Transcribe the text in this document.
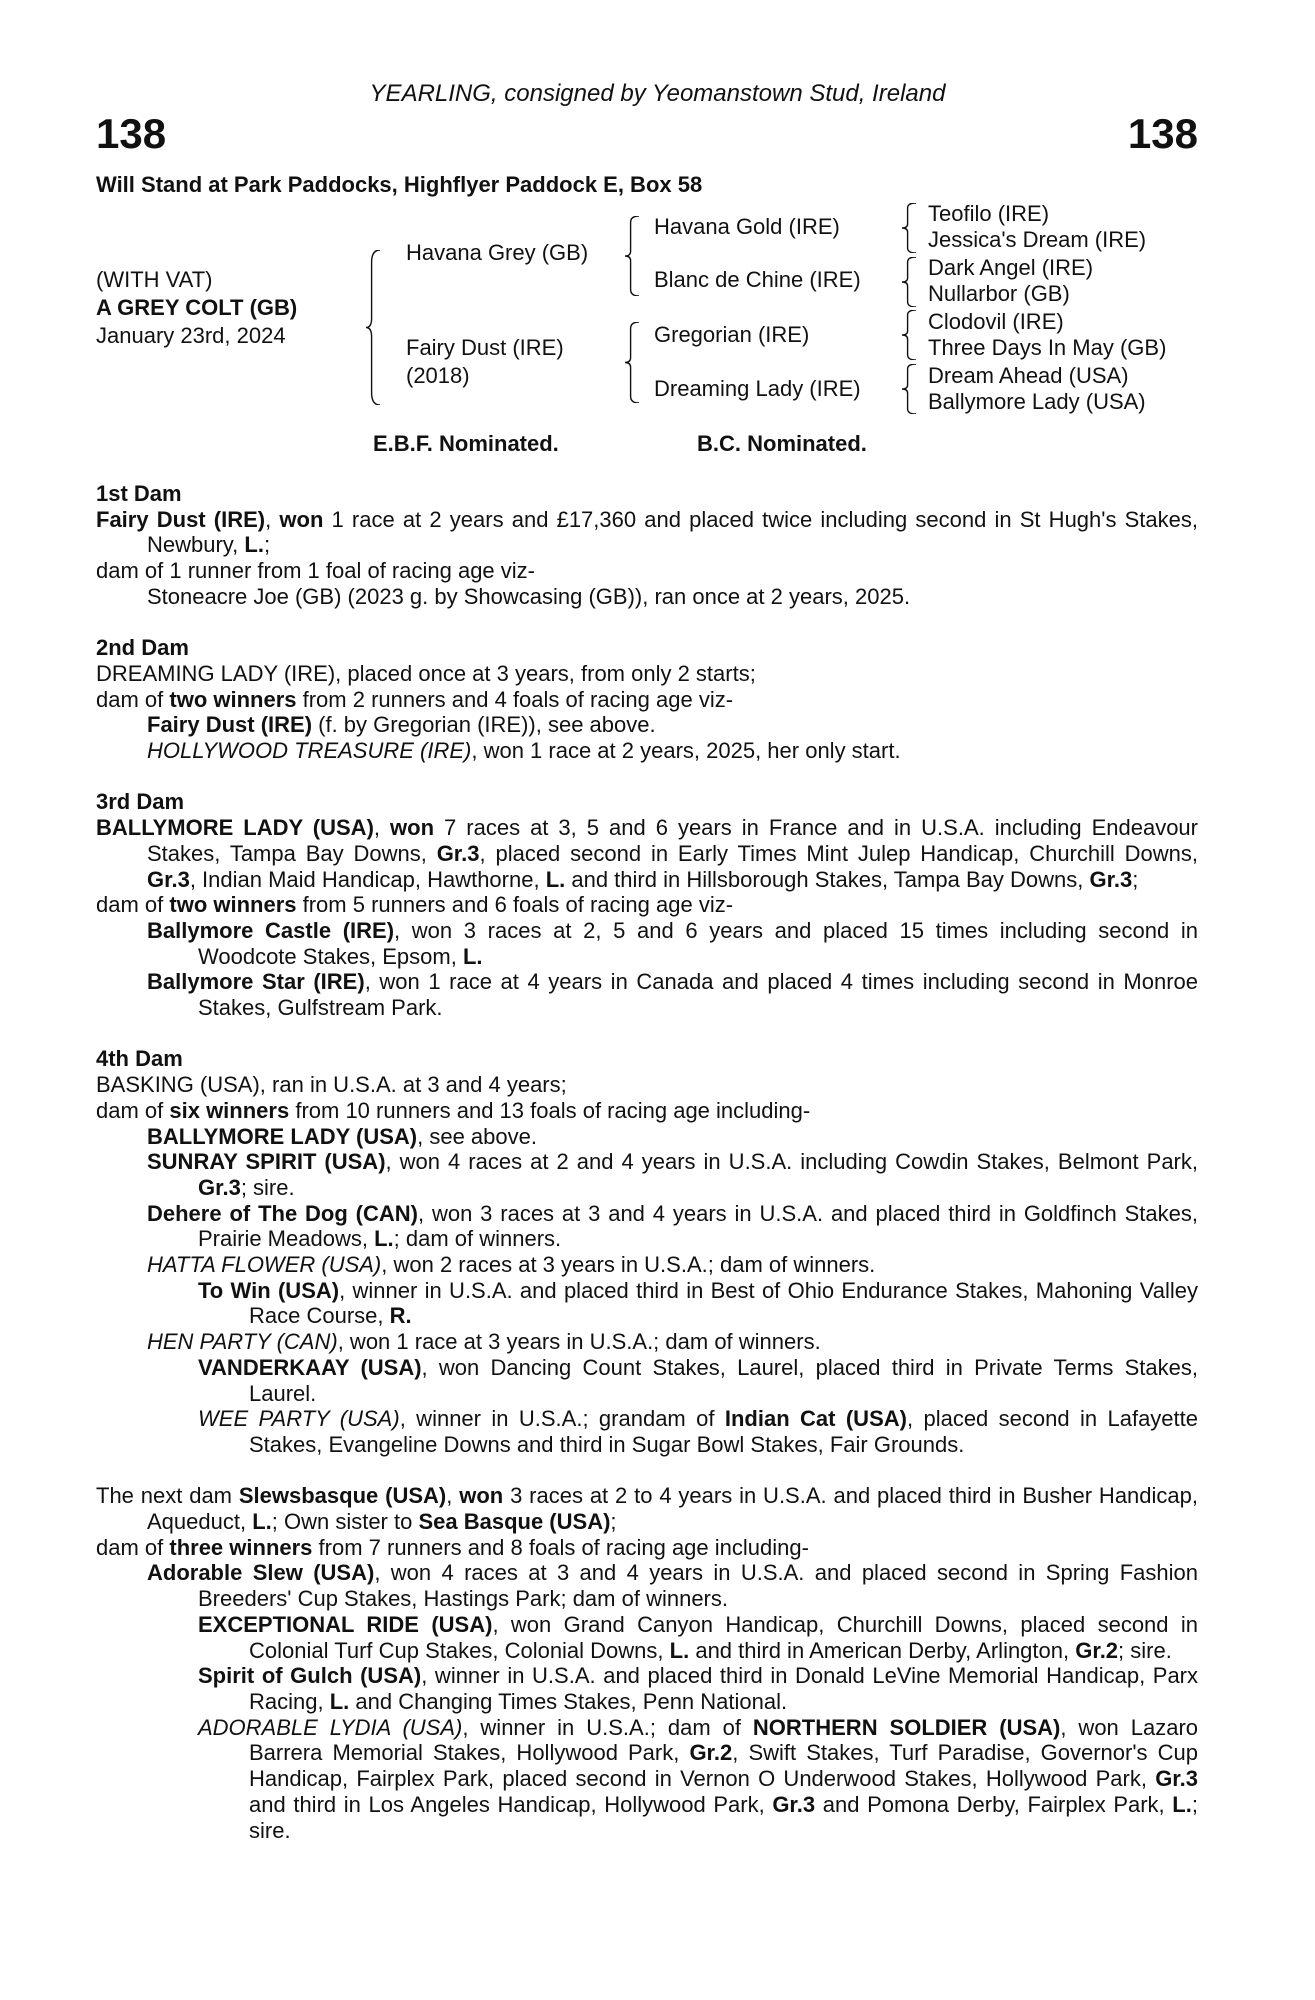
YEARLING, consigned by Yeomanstown Stud, Ireland
138	138
Will Stand at Park Paddocks, Highflyer Paddock E, Box 58
(WITH VAT)
A GREY COLT (GB)
January 23rd, 2024
Havana Grey (GB)
Fairy Dust (IRE)
(2018)
Havana Gold (IRE)
Blanc de Chine (IRE)
Gregorian (IRE)
Dreaming Lady (IRE)
Teofilo (IRE)
Jessica's Dream (IRE)
Dark Angel (IRE)
Nullarbor (GB)
Clodovil (IRE)
Three Days In May (GB)
Dream Ahead (USA)
Ballymore Lady (USA)
E.B.F. Nominated.	B.C. Nominated.
1st Dam
Fairy Dust (IRE), won 1 race at 2 years and £17,360 and placed twice including second in St Hugh's Stakes, Newbury, L.;
dam of 1 runner from 1 foal of racing age viz-
Stoneacre Joe (GB) (2023 g. by Showcasing (GB)), ran once at 2 years, 2025.
2nd Dam
DREAMING LADY (IRE), placed once at 3 years, from only 2 starts;
dam of two winners from 2 runners and 4 foals of racing age viz-
Fairy Dust (IRE) (f. by Gregorian (IRE)), see above.
HOLLYWOOD TREASURE (IRE), won 1 race at 2 years, 2025, her only start.
3rd Dam
BALLYMORE LADY (USA), won 7 races at 3, 5 and 6 years in France and in U.S.A. including Endeavour Stakes, Tampa Bay Downs, Gr.3, placed second in Early Times Mint Julep Handicap, Churchill Downs, Gr.3, Indian Maid Handicap, Hawthorne, L. and third in Hillsborough Stakes, Tampa Bay Downs, Gr.3;
dam of two winners from 5 runners and 6 foals of racing age viz-
Ballymore Castle (IRE), won 3 races at 2, 5 and 6 years and placed 15 times including second in Woodcote Stakes, Epsom, L.
Ballymore Star (IRE), won 1 race at 4 years in Canada and placed 4 times including second in Monroe Stakes, Gulfstream Park.
4th Dam
BASKING (USA), ran in U.S.A. at 3 and 4 years;
dam of six winners from 10 runners and 13 foals of racing age including-
BALLYMORE LADY (USA), see above.
SUNRAY SPIRIT (USA), won 4 races at 2 and 4 years in U.S.A. including Cowdin Stakes, Belmont Park, Gr.3; sire.
Dehere of The Dog (CAN), won 3 races at 3 and 4 years in U.S.A. and placed third in Goldfinch Stakes, Prairie Meadows, L.; dam of winners.
HATTA FLOWER (USA), won 2 races at 3 years in U.S.A.; dam of winners.
To Win (USA), winner in U.S.A. and placed third in Best of Ohio Endurance Stakes, Mahoning Valley Race Course, R.
HEN PARTY (CAN), won 1 race at 3 years in U.S.A.; dam of winners.
VANDERKAAY (USA), won Dancing Count Stakes, Laurel, placed third in Private Terms Stakes, Laurel.
WEE PARTY (USA), winner in U.S.A.; grandam of Indian Cat (USA), placed second in Lafayette Stakes, Evangeline Downs and third in Sugar Bowl Stakes, Fair Grounds.
The next dam Slewsbasque (USA), won 3 races at 2 to 4 years in U.S.A. and placed third in Busher Handicap, Aqueduct, L.; Own sister to Sea Basque (USA);
dam of three winners from 7 runners and 8 foals of racing age including-
Adorable Slew (USA), won 4 races at 3 and 4 years in U.S.A. and placed second in Spring Fashion Breeders' Cup Stakes, Hastings Park; dam of winners.
EXCEPTIONAL RIDE (USA), won Grand Canyon Handicap, Churchill Downs, placed second in Colonial Turf Cup Stakes, Colonial Downs, L. and third in American Derby, Arlington, Gr.2; sire.
Spirit of Gulch (USA), winner in U.S.A. and placed third in Donald LeVine Memorial Handicap, Parx Racing, L. and Changing Times Stakes, Penn National.
ADORABLE LYDIA (USA), winner in U.S.A.; dam of NORTHERN SOLDIER (USA), won Lazaro Barrera Memorial Stakes, Hollywood Park, Gr.2, Swift Stakes, Turf Paradise, Governor's Cup Handicap, Fairplex Park, placed second in Vernon O Underwood Stakes, Hollywood Park, Gr.3 and third in Los Angeles Handicap, Hollywood Park, Gr.3 and Pomona Derby, Fairplex Park, L.; sire.
